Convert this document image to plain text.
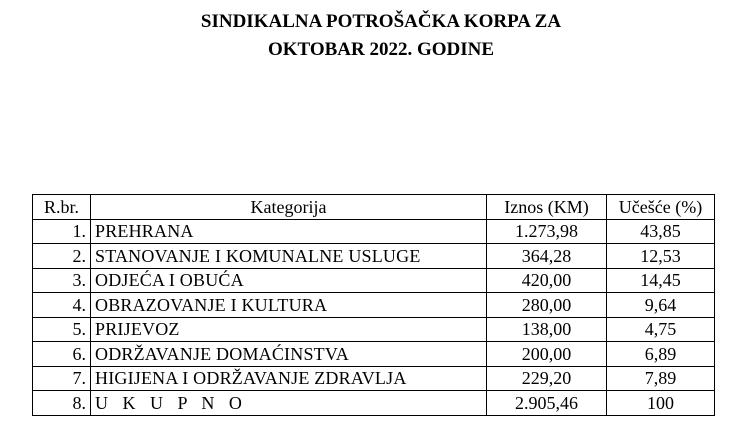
SINDIKALNA POTROŠAČKA KORPA ZA
OKTOBAR 2022. GODINE
R.br.	Kategorija	Iznos (KM)	Učešće (%)
1.	PREHRANA	1.273,98	43,85
2.	STANOVANJE I KOMUNALNE USLUGE	364,28	12,53
3.	ODJEĆA I OBUĆA	420,00	14,45
4.	OBRAZOVANJE I KULTURA	280,00	9,64
5.	PRIJEVOZ	138,00	4,75
6.	ODRŽAVANJE DOMAĆINSTVA	200,00	6,89
7.	HIGIJENA I ODRŽAVANJE ZDRAVLJA	229,20	7,89
8.	U K U P N O	2.905,46	100
